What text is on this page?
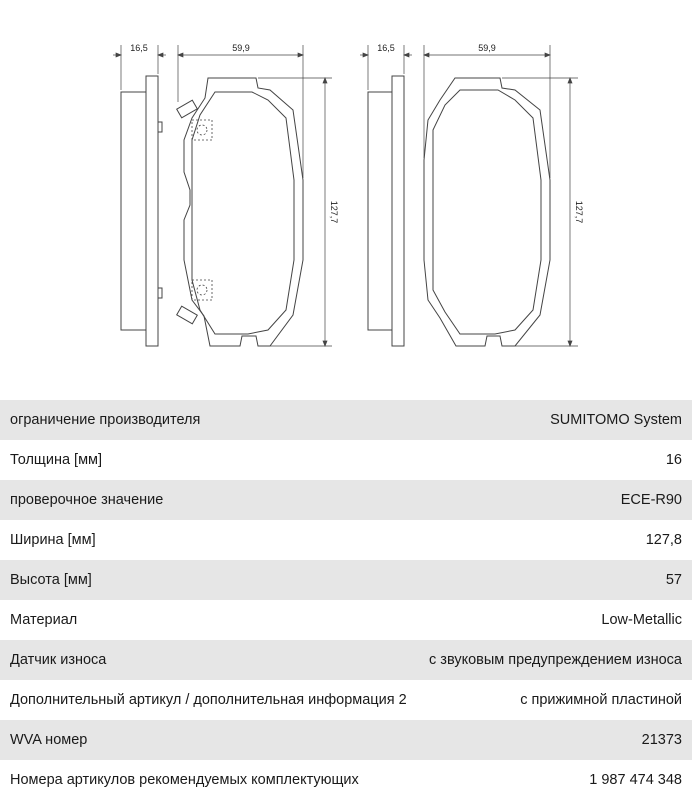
16,5	59,9
127,7
16,5	59,9
127,7
ограничение производителя	SUMITOMO System
Толщина [мм]	16
проверочное значение	ECE-R90
Ширина [мм]	127,8
Высота [мм]	57
Материал	Low-Metallic
Датчик износа	с звуковым предупреждением износа
Дополнительный артикул / дополнительная информация 2	с прижимной пластиной
WVA номер	21373
Номера артикулов рекомендуемых комплектующих	1 987 474 348
